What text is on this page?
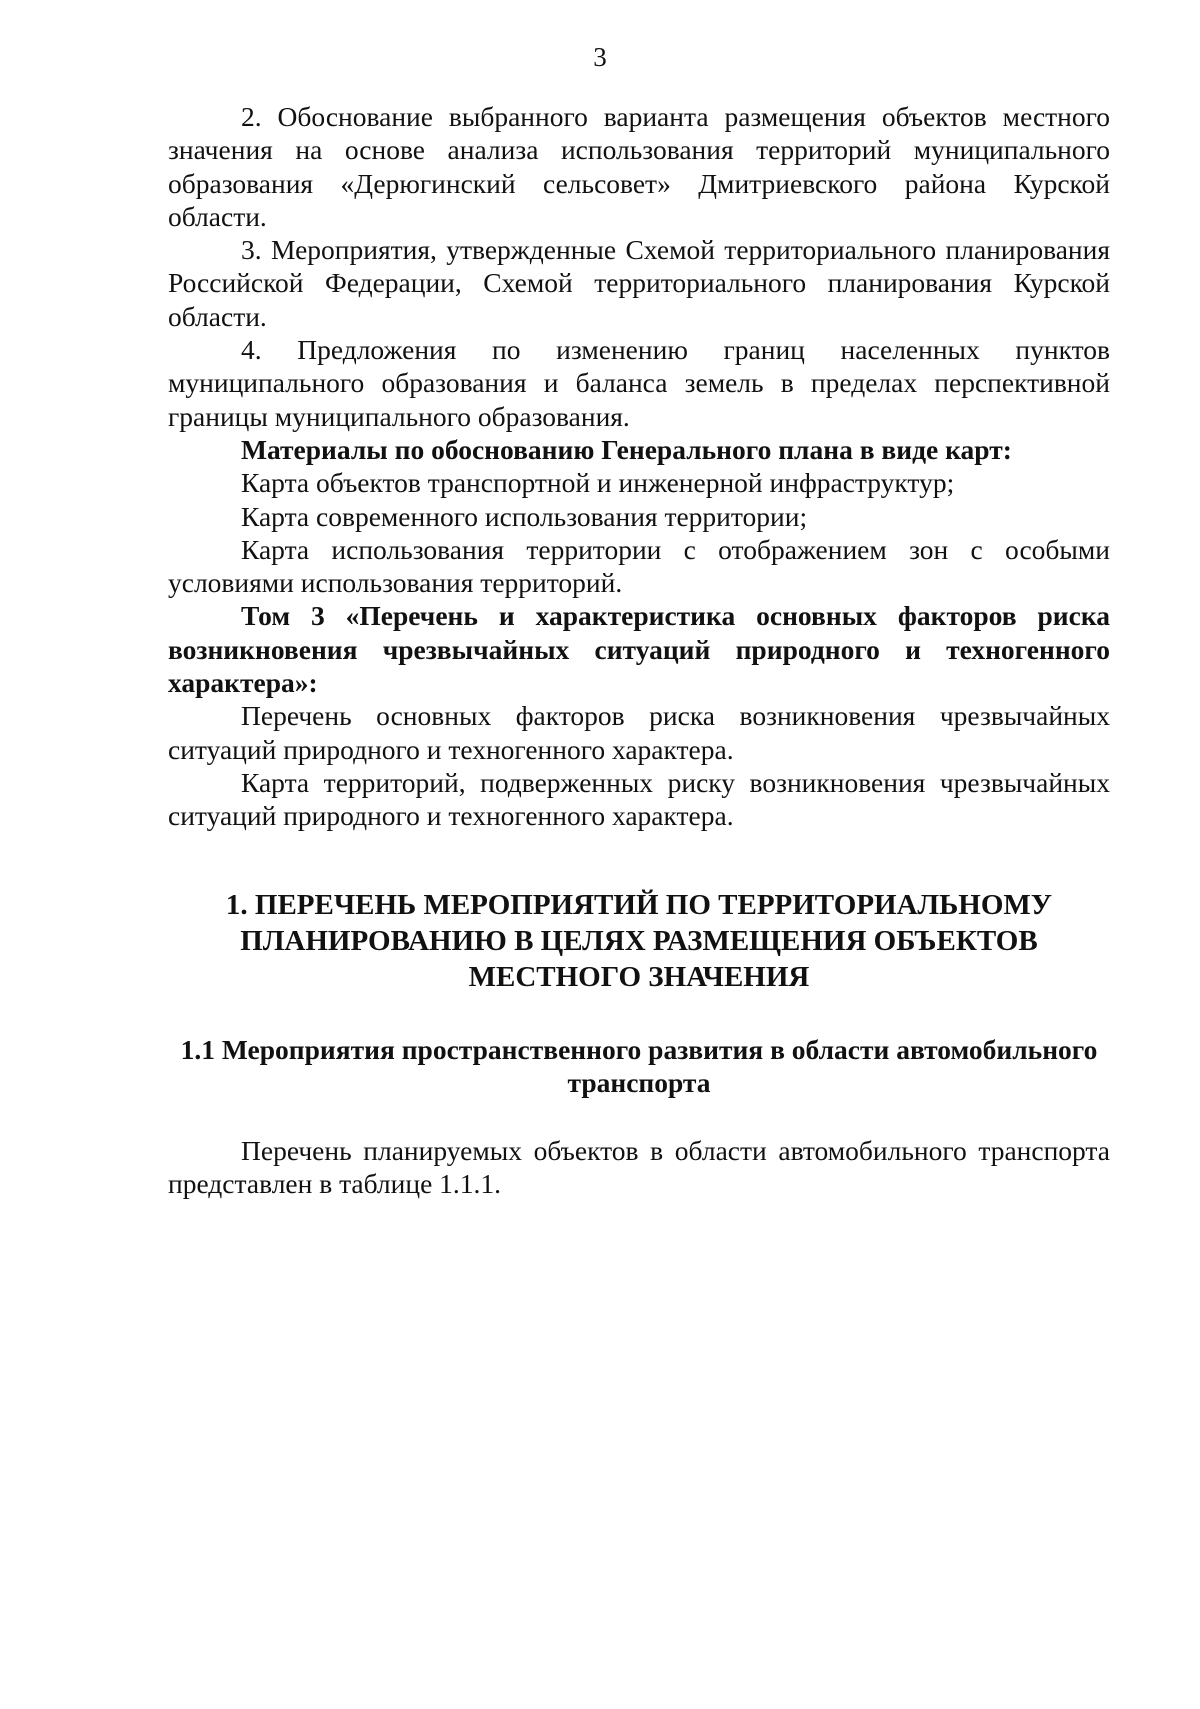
3

2. Обоснование выбранного варианта размещения объектов местного значения на основе анализа использования территорий муниципального образования «Дерюгинский сельсовет» Дмитриевского района Курской области.

3. Мероприятия, утвержденные Схемой территориального планирования Российской Федерации, Схемой территориального планирования Курской области.

4. Предложения по изменению границ населенных пунктов муниципального образования и баланса земель в пределах перспективной границы муниципального образования.

Материалы по обоснованию Генерального плана в виде карт:

Карта объектов транспортной и инженерной инфраструктур;

Карта современного использования территории;

Карта использования территории с отображением зон с особыми условиями использования территорий.

Том 3 «Перечень и характеристика основных факторов риска возникновения чрезвычайных ситуаций природного и техногенного характера»:

Перечень основных факторов риска возникновения чрезвычайных ситуаций природного и техногенного характера.

Карта территорий, подверженных риску возникновения чрезвычайных ситуаций природного и техногенного характера.

1. ПЕРЕЧЕНЬ МЕРОПРИЯТИЙ ПО ТЕРРИТОРИАЛЬНОМУ ПЛАНИРОВАНИЮ В ЦЕЛЯХ РАЗМЕЩЕНИЯ ОБЪЕКТОВ МЕСТНОГО ЗНАЧЕНИЯ
1.1 Мероприятия пространственного развития в области автомобильного транспорта

Перечень планируемых объектов в области автомобильного транспорта представлен в таблице 1.1.1.
